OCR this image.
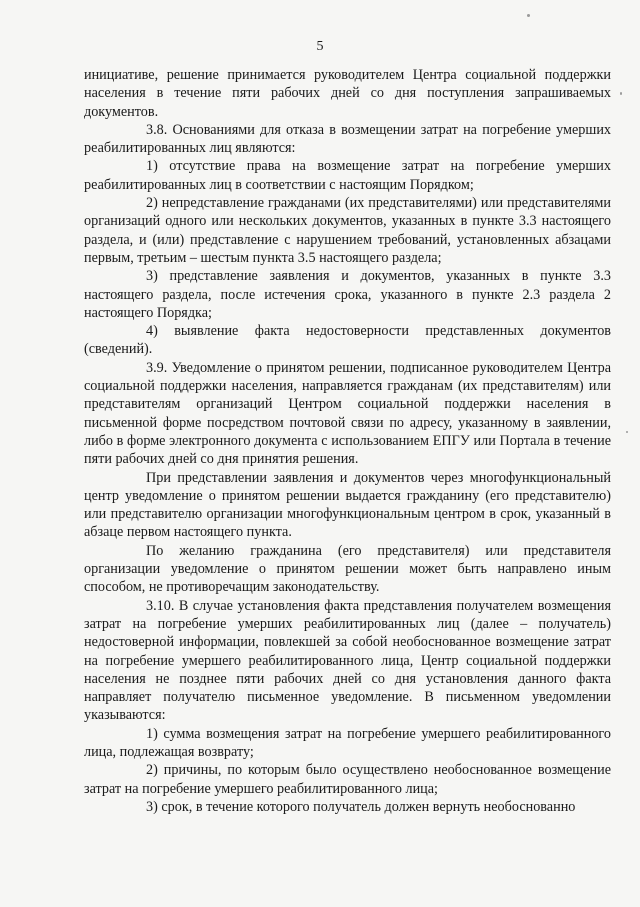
5

инициативе, решение принимается руководителем Центра социальной поддержки населения в течение пяти рабочих дней со дня поступления запрашиваемых документов.

3.8. Основаниями для отказа в возмещении затрат на погребение умерших реабилитированных лиц являются:

1) отсутствие права на возмещение затрат на погребение умерших реабилитированных лиц в соответствии с настоящим Порядком;

2) непредставление гражданами (их представителями) или представителями организаций одного или нескольких документов, указанных в пункте 3.3 настоящего раздела, и (или) представление с нарушением требований, установленных абзацами первым, третьим – шестым пункта 3.5 настоящего раздела;

3) представление заявления и документов, указанных в пункте 3.3 настоящего раздела, после истечения срока, указанного в пункте 2.3 раздела 2 настоящего Порядка;

4) выявление факта недостоверности представленных документов (сведений).

3.9. Уведомление о принятом решении, подписанное руководителем Центра социальной поддержки населения, направляется гражданам (их представителям) или представителям организаций Центром социальной поддержки населения в письменной форме посредством почтовой связи по адресу, указанному в заявлении, либо в форме электронного документа с использованием ЕПГУ или Портала в течение пяти рабочих дней со дня принятия решения.

При представлении заявления и документов через многофункциональный центр уведомление о принятом решении выдается гражданину (его представителю) или представителю организации многофункциональным центром в срок, указанный в абзаце первом настоящего пункта.

По желанию гражданина (его представителя) или представителя организации уведомление о принятом решении может быть направлено иным способом, не противоречащим законодательству.

3.10. В случае установления факта представления получателем возмещения затрат на погребение умерших реабилитированных лиц (далее – получатель) недостоверной информации, повлекшей за собой необоснованное возмещение затрат на погребение умершего реабилитированного лица, Центр социальной поддержки населения не позднее пяти рабочих дней со дня установления данного факта направляет получателю письменное уведомление. В письменном уведомлении указываются:

1) сумма возмещения затрат на погребение умершего реабилитированного лица, подлежащая возврату;

2) причины, по которым было осуществлено необоснованное возмещение затрат на погребение умершего реабилитированного лица;

3) срок, в течение которого получатель должен вернуть необоснованно
